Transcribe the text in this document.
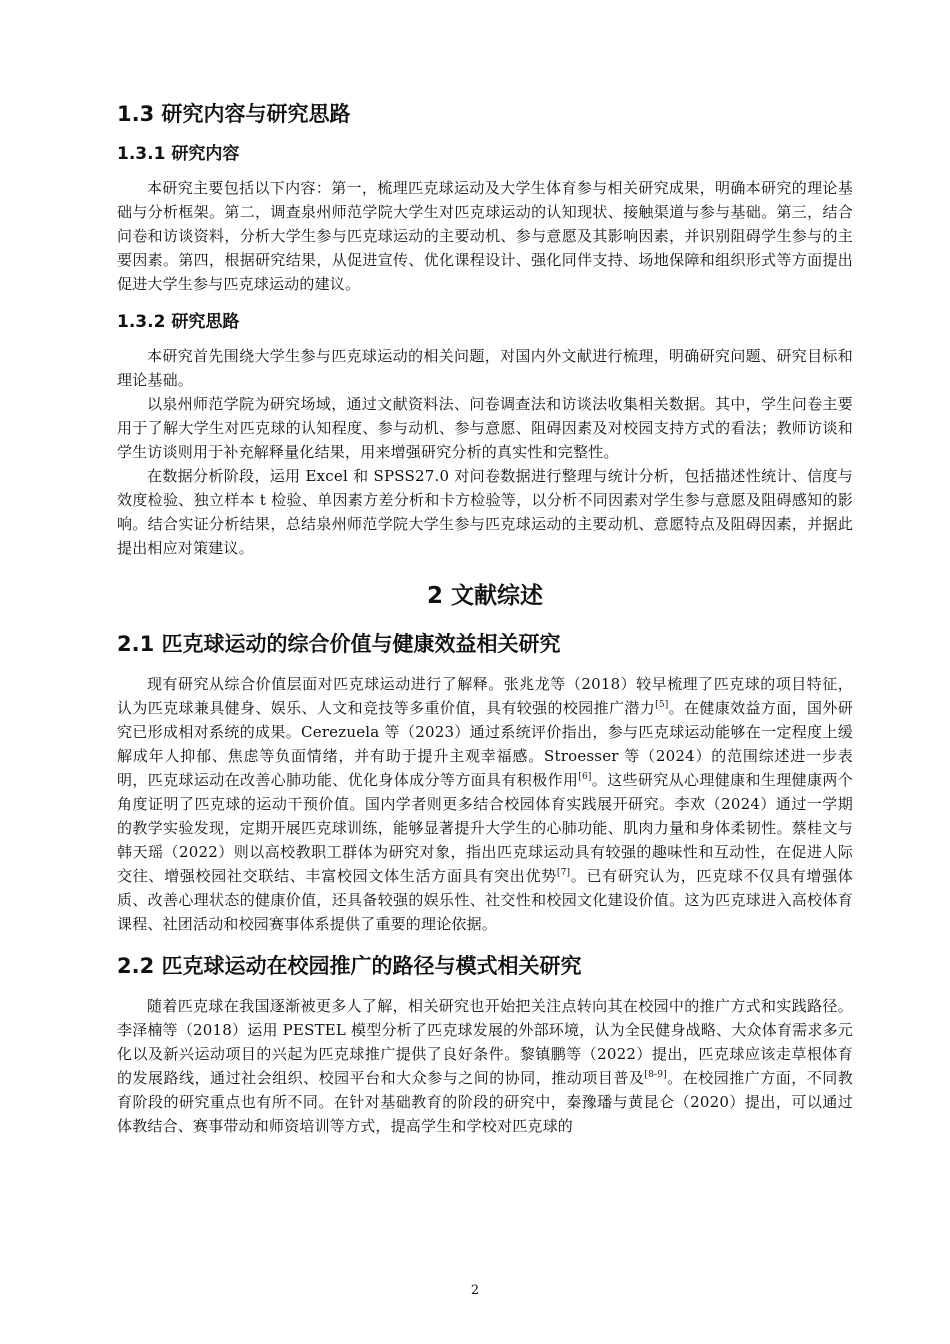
1.3 研究内容与研究思路
1.3.1 研究内容

本研究主要包括以下内容：第一，梳理匹克球运动及大学生体育参与相关研究成果，明确本研究的理论基础与分析框架。第二，调查泉州师范学院大学生对匹克球运动的认知现状、接触渠道与参与基础。第三，结合问卷和访谈资料，分析大学生参与匹克球运动的主要动机、参与意愿及其影响因素，并识别阻碍学生参与的主要因素。第四，根据研究结果，从促进宣传、优化课程设计、强化同伴支持、场地保障和组织形式等方面提出促进大学生参与匹克球运动的建议。

1.3.2 研究思路

本研究首先围绕大学生参与匹克球运动的相关问题，对国内外文献进行梳理，明确研究问题、研究目标和理论基础。

以泉州师范学院为研究场域，通过文献资料法、问卷调查法和访谈法收集相关数据。其中，学生问卷主要用于了解大学生对匹克球的认知程度、参与动机、参与意愿、阻碍因素及对校园支持方式的看法；教师访谈和学生访谈则用于补充解释量化结果，用来增强研究分析的真实性和完整性。

在数据分析阶段，运用 Excel 和 SPSS27.0 对问卷数据进行整理与统计分析，包括描述性统计、信度与效度检验、独立样本 t 检验、单因素方差分析和卡方检验等，以分析不同因素对学生参与意愿及阻碍感知的影响。结合实证分析结果，总结泉州师范学院大学生参与匹克球运动的主要动机、意愿特点及阻碍因素，并据此提出相应对策建议。

2 文献综述
2.1 匹克球运动的综合价值与健康效益相关研究

现有研究从综合价值层面对匹克球运动进行了解释。张兆龙等（2018）较早梳理了匹克球的项目特征，认为匹克球兼具健身、娱乐、人文和竞技等多重价值，具有较强的校园推广潜力[5]。在健康效益方面，国外研究已形成相对系统的成果。Cerezuela 等（2023）通过系统评价指出，参与匹克球运动能够在一定程度上缓解成年人抑郁、焦虑等负面情绪，并有助于提升主观幸福感。Stroesser 等（2024）的范围综述进一步表明，匹克球运动在改善心肺功能、优化身体成分等方面具有积极作用[6]。这些研究从心理健康和生理健康两个角度证明了匹克球的运动干预价值。国内学者则更多结合校园体育实践展开研究。李欢（2024）通过一学期的教学实验发现，定期开展匹克球训练，能够显著提升大学生的心肺功能、肌肉力量和身体柔韧性。蔡桂文与韩天瑶（2022）则以高校教职工群体为研究对象，指出匹克球运动具有较强的趣味性和互动性，在促进人际交往、增强校园社交联结、丰富校园文体生活方面具有突出优势[7]。已有研究认为，匹克球不仅具有增强体质、改善心理状态的健康价值，还具备较强的娱乐性、社交性和校园文化建设价值。这为匹克球进入高校体育课程、社团活动和校园赛事体系提供了重要的理论依据。

2.2 匹克球运动在校园推广的路径与模式相关研究

随着匹克球在我国逐渐被更多人了解，相关研究也开始把关注点转向其在校园中的推广方式和实践路径。李泽楠等（2018）运用 PESTEL 模型分析了匹克球发展的外部环境，认为全民健身战略、大众体育需求多元化以及新兴运动项目的兴起为匹克球推广提供了良好条件。黎镇鹏等（2022）提出，匹克球应该走草根体育的发展路线，通过社会组织、校园平台和大众参与之间的协同，推动项目普及[8-9]。在校园推广方面，不同教育阶段的研究重点也有所不同。在针对基础教育的阶段的研究中，秦豫璠与黄昆仑（2020）提出，可以通过体教结合、赛事带动和师资培训等方式，提高学生和学校对匹克球的

2
